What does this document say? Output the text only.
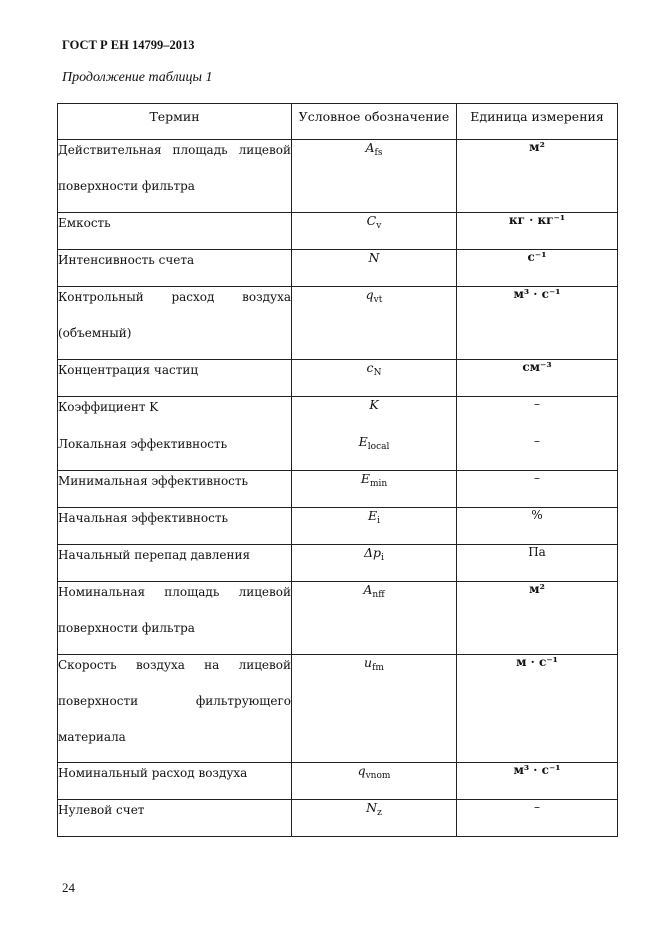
ГОСТ Р ЕН 14799–2013
Продолжение таблицы 1
Термин	Условное обозначение	Единица измерения

Действительная площадь лицевой поверхности фильтра	$A_{fs}$	м²

Емкость	$C_v$	кг · кг⁻¹

Интенсивность счета	N	с⁻¹

Контрольный расход воздуха (объемный)	$q_{vt}$	м³ · с⁻¹

Концентрация частиц	$c_N$	см⁻³

Коэффициент K	K	–

Локальная эффективность	$E_{local}$	–

Минимальная эффективность	$E_{min}$	–

Начальная эффективность	$E_i$	%

Начальный перепад давления	$\Delta p_i$	Па

Номинальная площадь лицевой поверхности фильтра	$A_{nff}$	м²

Скорость воздуха на лицевой поверхности фильтрующего материала	$u_{fm}$	м · с⁻¹

Номинальный расход воздуха	$q_{vnom}$	м³ · с⁻¹

Нулевой счет	$N_z$	–
24
